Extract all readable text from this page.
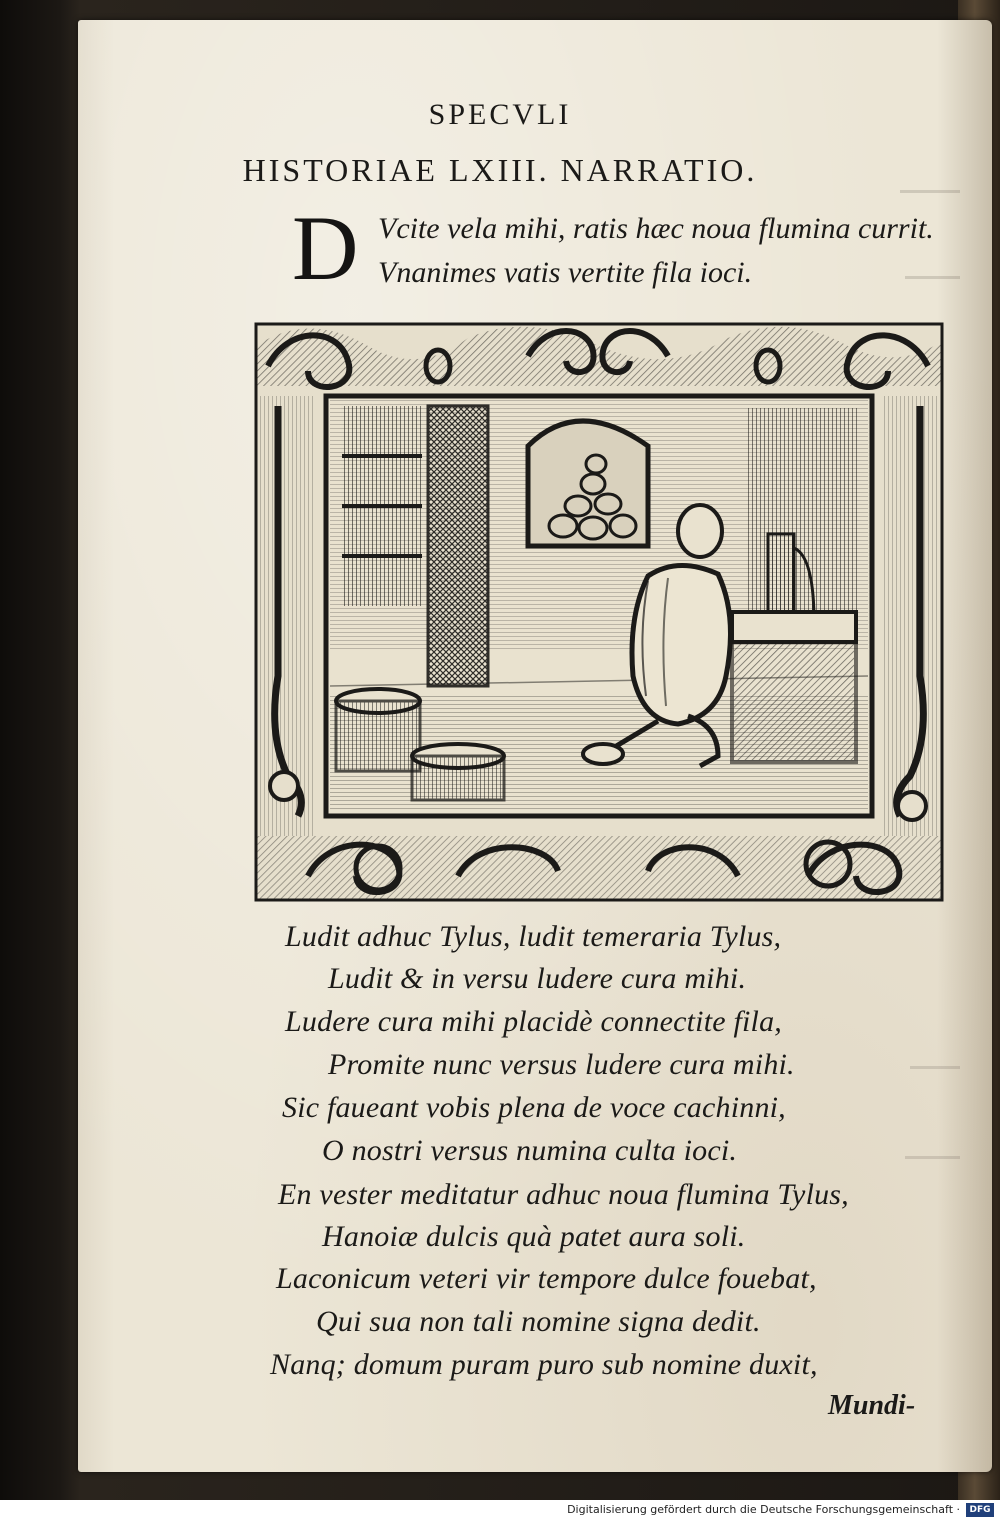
SPECVLI
HISTORIAE LXIII. NARRATIO.
D Vcite vela mihi, ratis hæc noua flumina currit.
Vnanimes vatis vertite fila ioci.
Ludit adhuc Tylus, ludit temeraria Tylus,
Ludit & in versu ludere cura mihi.
Ludere cura mihi placidè connectite fila,
Promite nunc versus ludere cura mihi.
Sic faueant vobis plena de voce cachinni,
O nostri versus numina culta ioci.
En vester meditatur adhuc noua flumina Tylus,
Hanoiæ dulcis quà patet aura soli.
Laconicum veteri vir tempore dulce fouebat,
Qui sua non tali nomine signa dedit.
Nanq; domum puram puro sub nomine duxit,
Mundi-
Digitalisierung gefördert durch die Deutsche Forschungsgemeinschaft ·	DFG
